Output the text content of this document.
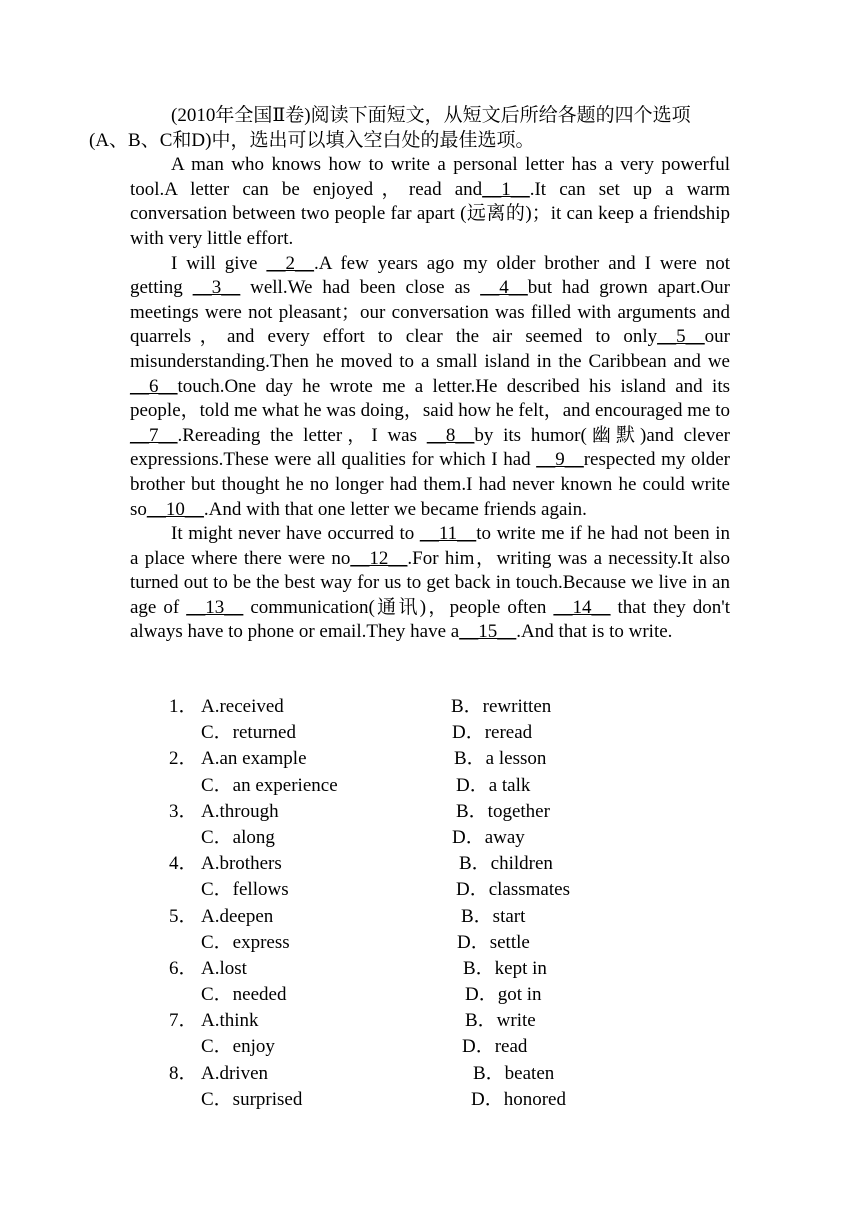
(2010年全国Ⅱ卷)阅读下面短文，从短文后所给各题的四个选项
(A、B、C和D)中，选出可以填入空白处的最佳选项。

A man who knows how to write a personal letter has a very powerful tool.A letter can be enjoyed，read and__1__.It can set up a warm conversation between two people far apart (远离的)；it can keep a friendship with very little effort.

I will give __2__.A few years ago my older brother and I were not getting __3__ well.We had been close as __4__but had grown apart.Our meetings were not pleasant；our conversation was filled with arguments and quarrels，and every effort to clear the air seemed to only__5__our misunderstanding.Then he moved to a small island in the Caribbean and we __6__touch.One day he wrote me a letter.He described his island and its people，told me what he was doing，said how he felt，and encouraged me to __7__.Rereading the letter，I was __8__by its humor(幽默)and clever expressions.These were all qualities for which I had __9__respected my older brother but thought he no longer had them.I had never known he could write so__10__.And with that one letter we became friends again.

It might never have occurred to __11__to write me if he had not been in a place where there were no__12__.For him，writing was a necessity.It also turned out to be the best way for us to get back in touch.Because we live in an age of __13__ communication(通讯)，people often __14__ that they don't always have to phone or email.They have a__15__.And that is to write.

1． A.received	B．rewritten
C．returned	D．reread
2． A.an example	B．a lesson
C．an experience	D．a talk
3． A.through	B．together
C．along	D．away
4． A.brothers	B．children
C．fellows	D．classmates
5． A.deepen	B．start
C．express	D．settle
6． A.lost	B．kept in
C．needed	D．got in
7． A.think	B．write
C．enjoy	D．read
8． A.driven	B．beaten
C．surprised	D．honored
